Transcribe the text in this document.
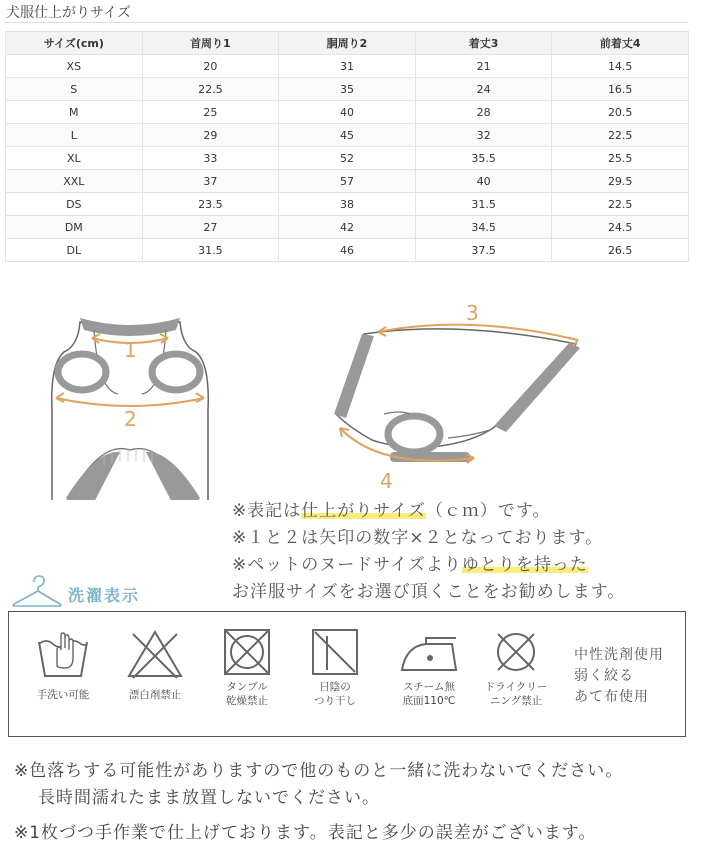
犬服仕上がりサイズ
サイズ(cm)	首周り1	胴周り2	着丈3	前着丈4
XS	20	31	21	14.5
S	22.5	35	24	16.5
M	25	40	28	20.5
L	29	45	32	22.5
XL	33	52	35.5	25.5
XXL	37	57	40	29.5
DS	23.5	38	31.5	22.5
DM	27	42	34.5	24.5
DL	31.5	46	37.5	26.5
1
2
3
4
※表記は仕上がりサイズ（ｃｍ）です。
※１と２は矢印の数字×２となっております。
※ペットのヌードサイズよりゆとりを持った
お洋服サイズをお選び頂くことをお勧めします。
洗濯表示
手洗い可能	漂白剤禁止
タンブル
乾燥禁止
日陰の
つり干し
スチーム無
底面110℃
ドライクリー
ニング禁止
中性洗剤使用
弱く絞る
あて布使用
※色落ちする可能性がありますので他のものと一緒に洗わないでください。
長時間濡れたまま放置しないでください。
※1枚づつ手作業で仕上げております。表記と多少の誤差がございます。
